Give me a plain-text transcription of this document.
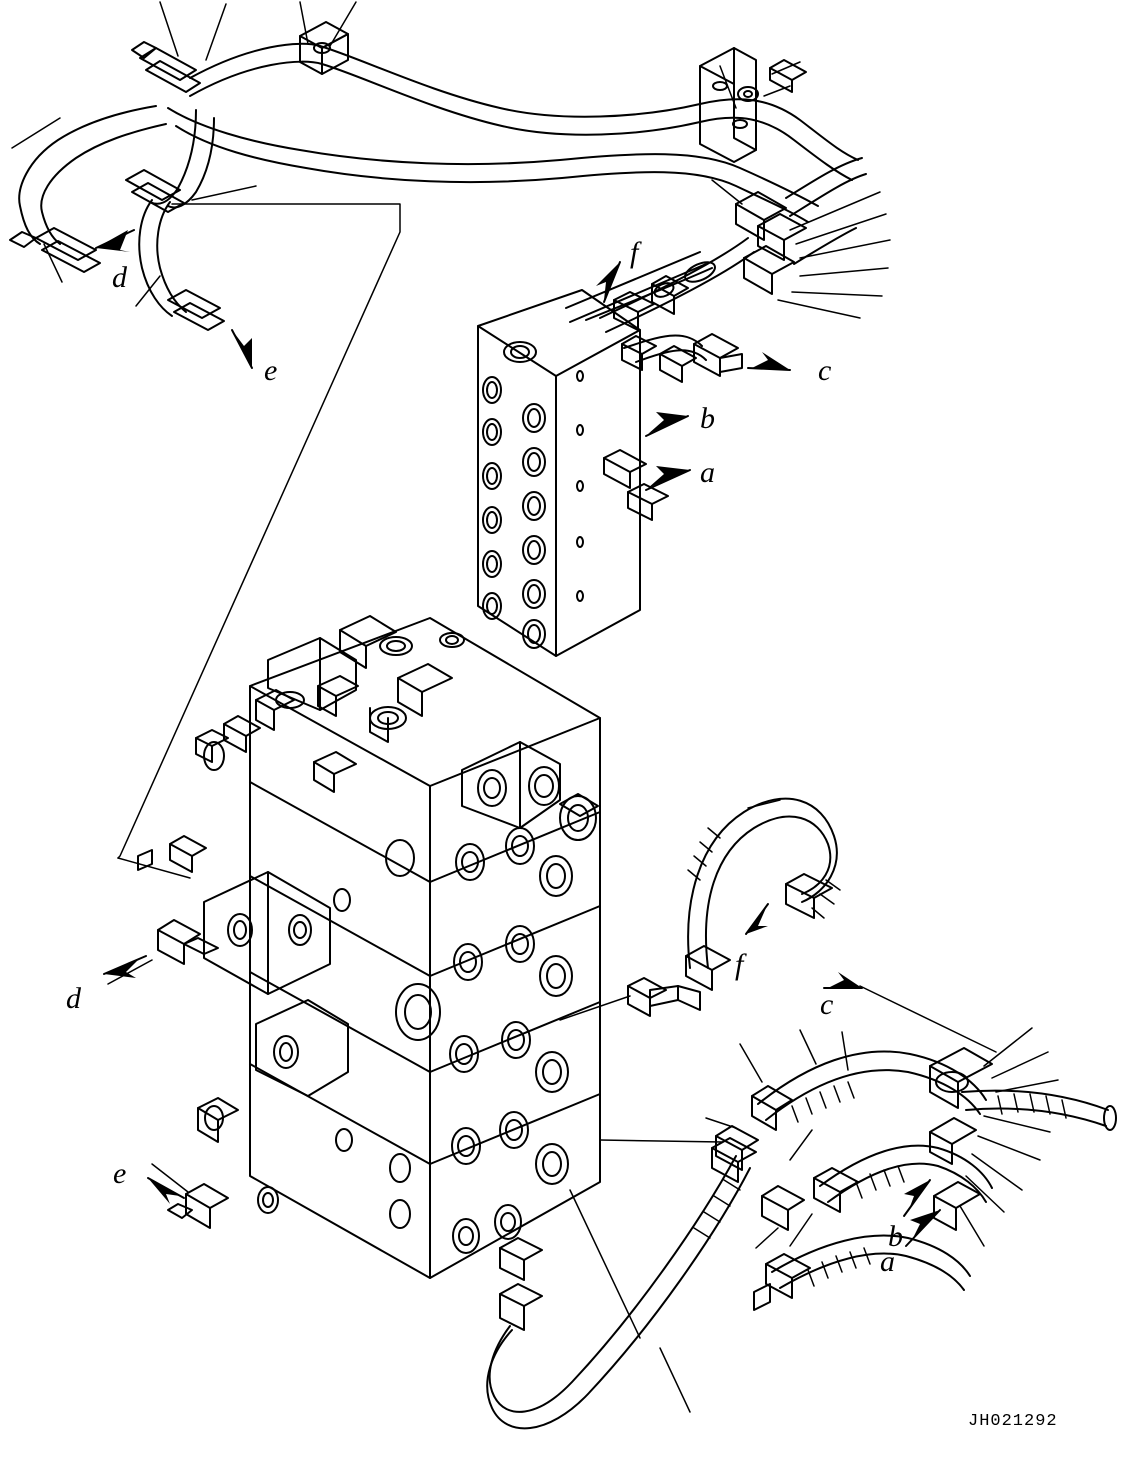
f
c
b
a
d
e
d
e
f
c
b
a
JH021292
